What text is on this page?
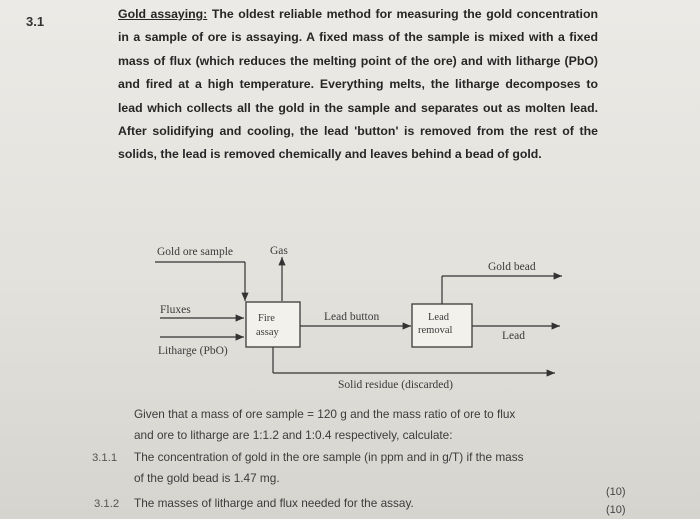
3.1	Gold assaying: The oldest reliable method for measuring the gold concentration in a sample of ore is assaying. A fixed mass of the sample is mixed with a fixed mass of flux (which reduces the melting point of the ore) and with litharge (PbO) and fired at a high temperature. Everything melts, the litharge decomposes to lead which collects all the gold in the sample and separates out as molten lead. After solidifying and cooling, the lead 'button' is removed from the rest of the solids, the lead is removed chemically and leaves behind a bead of gold.
Gold ore sample	Gas
Gold bead
Fluxes
Fire
assay
Lead button	Lead
removal	Lead
Litharge (PbO)
Solid residue (discarded)
Given that a mass of ore sample = 120 g and the mass ratio of ore to flux
and ore to litharge are 1:1.2 and 1:0.4 respectively, calculate:
3.1.1 The concentration of gold in the ore sample (in ppm and in g/T) if the mass
of the gold bead is 1.47 mg.
(10)
3.1.2 The masses of litharge and flux needed for the assay.	(10)
